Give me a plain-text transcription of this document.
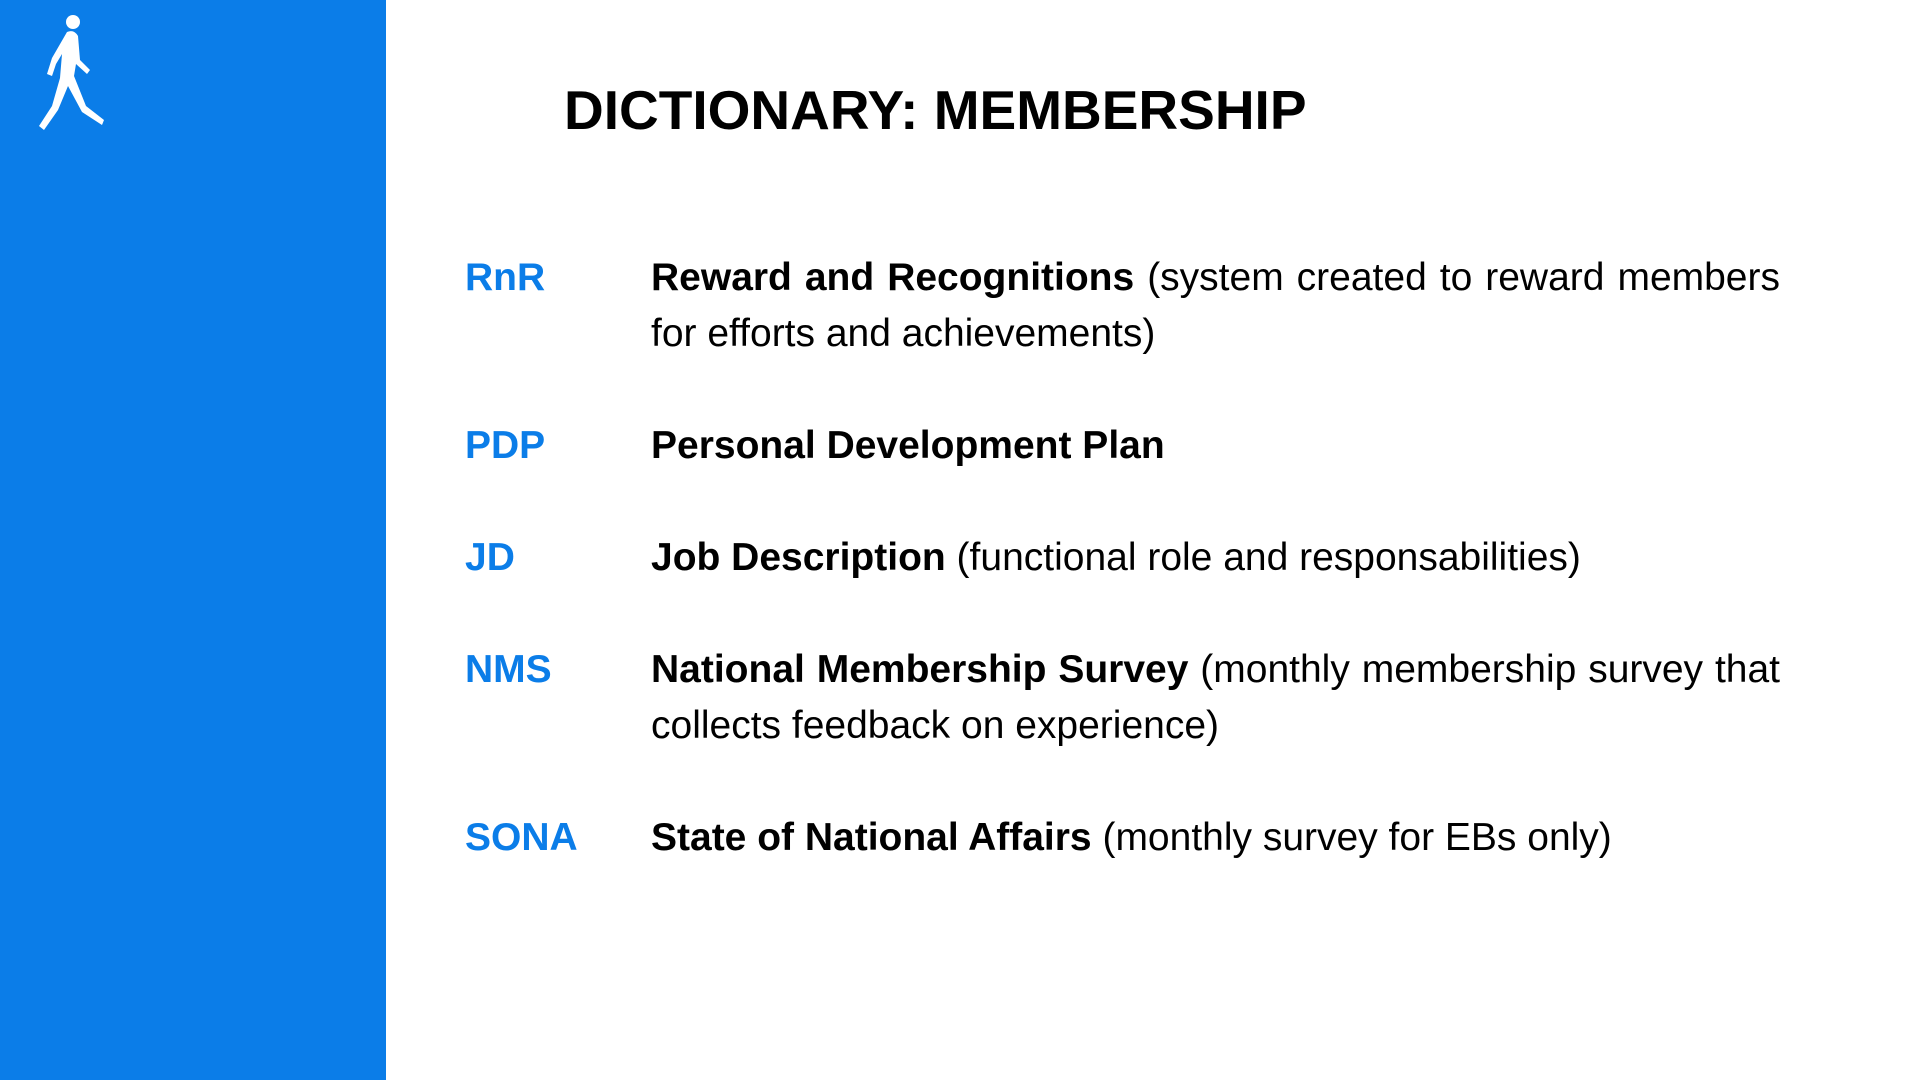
DICTIONARY: MEMBERSHIP
RnR	Reward and Recognitions (system created to reward members for efforts and achievements)
PDP	Personal Development Plan
JD	Job Description (functional role and responsabilities)
NMS	National Membership Survey (monthly membership survey that collects feedback on experience)
SONA State of National Affairs (monthly survey for EBs only)
